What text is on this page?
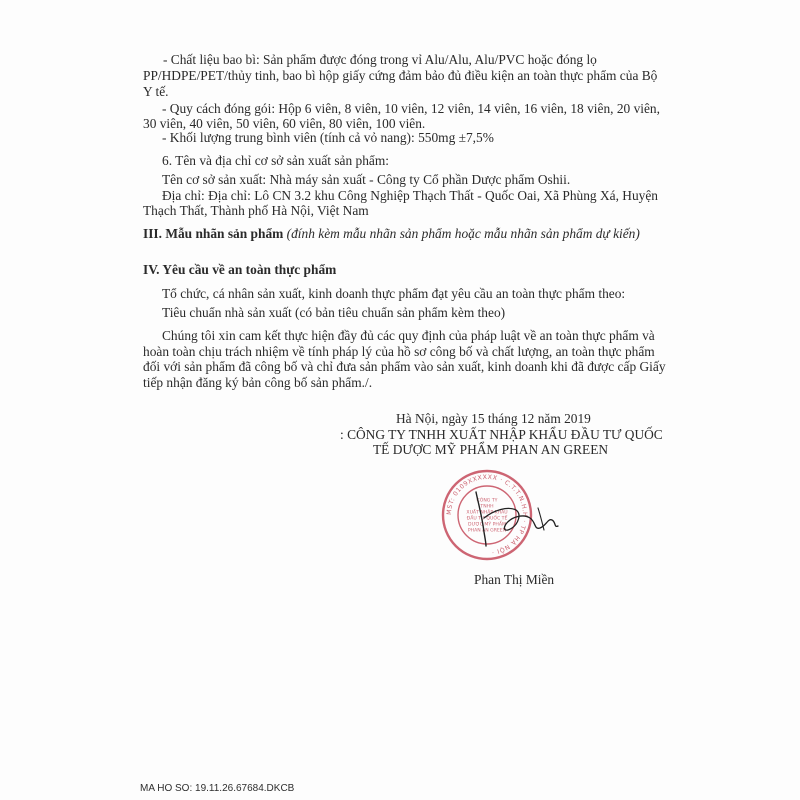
- Chất liệu bao bì: Sản phẩm được đóng trong vỉ Alu/Alu, Alu/PVC hoặc đóng lọ
PP/HDPE/PET/thủy tinh, bao bì hộp giấy cứng đảm bảo đủ điều kiện an toàn thực phẩm của Bộ
Y tế.
- Quy cách đóng gói: Hộp 6 viên, 8 viên, 10 viên, 12 viên, 14 viên, 16 viên, 18 viên, 20 viên,
30 viên, 40 viên, 50 viên, 60 viên, 80 viên, 100 viên.
- Khối lượng trung bình viên (tính cả vỏ nang): 550mg ±7,5%
6. Tên và địa chỉ cơ sở sản xuất sản phẩm:
Tên cơ sở sản xuất: Nhà máy sản xuất - Công ty Cổ phần Dược phẩm Oshii.
Địa chỉ: Địa chỉ: Lô CN 3.2 khu Công Nghiệp Thạch Thất - Quốc Oai, Xã Phùng Xá, Huyện
Thạch Thất, Thành phố Hà Nội, Việt Nam
III. Mẫu nhãn sản phẩm (đính kèm mẫu nhãn sản phẩm hoặc mẫu nhãn sản phẩm dự kiến)
IV. Yêu cầu về an toàn thực phẩm
Tổ chức, cá nhân sản xuất, kinh doanh thực phẩm đạt yêu cầu an toàn thực phẩm theo:
Tiêu chuẩn nhà sản xuất (có bản tiêu chuẩn sản phẩm kèm theo)
Chúng tôi xin cam kết thực hiện đầy đủ các quy định của pháp luật về an toàn thực phẩm và
hoàn toàn chịu trách nhiệm về tính pháp lý của hồ sơ công bố và chất lượng, an toàn thực phẩm
đối với sản phẩm đã công bố và chỉ đưa sản phẩm vào sản xuất, kinh doanh khi đã được cấp Giấy
tiếp nhận đăng ký bản công bố sản phẩm./.
Hà Nội, ngày 15 tháng 12 năm 2019
: CÔNG TY TNHH XUẤT NHẬP KHẨU ĐẦU TƯ QUỐC
TẾ DƯỢC MỸ PHẨM PHAN AN GREEN
MST: 0109XXXXXX · C.T.T.N.H.H · TP HÀ NỘI ·
CÔNG TY
TNHH
XUẤT NHẬP KHẨU
ĐẦU TƯ QUỐC TẾ
DƯỢC MỸ PHẨM
PHAN AN GREEN
Phan Thị Miền
MA HO SO: 19.11.26.67684.DKCB
